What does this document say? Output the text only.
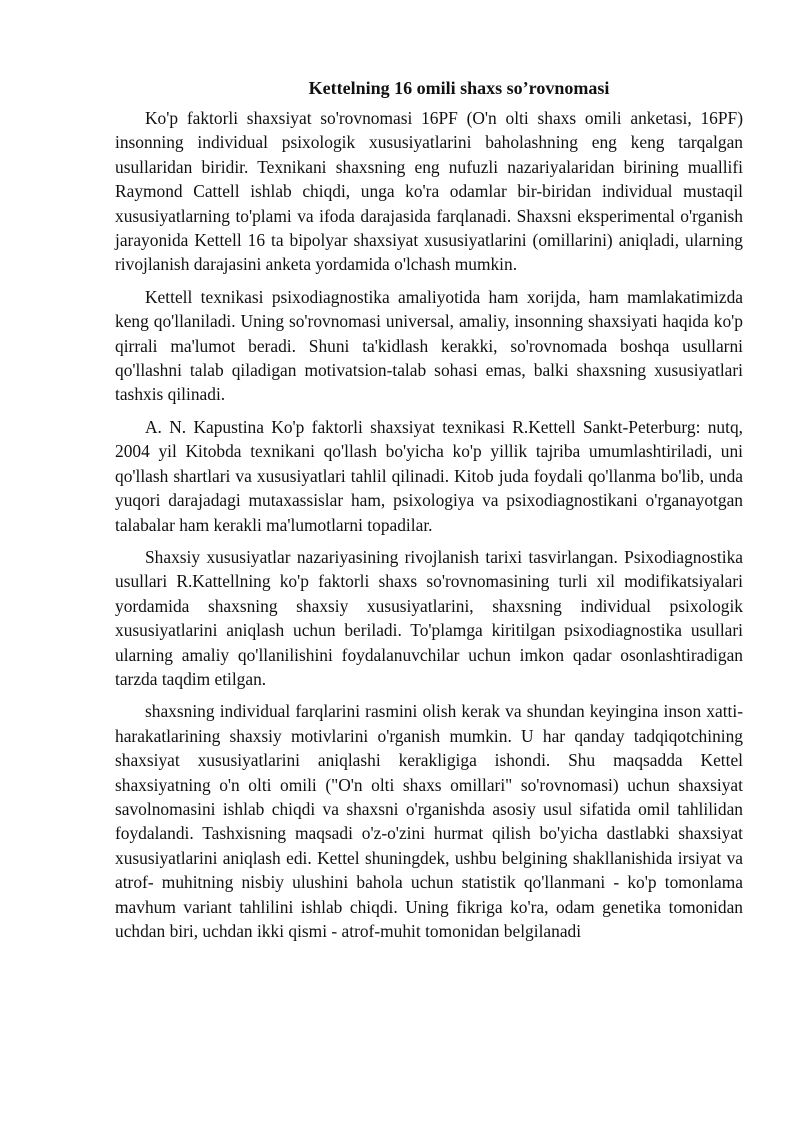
Kettelning 16 omili shaxs so’rovnomasi

Ko'p faktorli shaxsiyat so'rovnomasi 16PF (O'n olti shaxs omili anketasi, 16PF) insonning individual psixologik xususiyatlarini baholashning eng keng tarqalgan usullaridan biridir. Texnikani shaxsning eng nufuzli nazariyalaridan birining muallifi Raymond Cattell ishlab chiqdi, unga ko'ra odamlar bir-biridan individual mustaqil xususiyatlarning to'plami va ifoda darajasida farqlanadi. Shaxsni eksperimental o'rganish jarayonida Kettell 16 ta bipolyar shaxsiyat xususiyatlarini (omillarini) aniqladi, ularning rivojlanish darajasini anketa yordamida o'lchash mumkin.

Kettell texnikasi psixodiagnostika amaliyotida ham xorijda, ham mamlakatimizda keng qo'llaniladi. Uning so'rovnomasi universal, amaliy, insonning shaxsiyati haqida ko'p qirrali ma'lumot beradi. Shuni ta'kidlash kerakki, so'rovnomada boshqa usullarni qo'llashni talab qiladigan motivatsion-talab sohasi emas, balki shaxsning xususiyatlari tashxis qilinadi.

A. N. Kapustina Ko'p faktorli shaxsiyat texnikasi R.Kettell Sankt-Peterburg: nutq, 2004 yil Kitobda texnikani qo'llash bo'yicha ko'p yillik tajriba umumlashtiriladi, uni qo'llash shartlari va xususiyatlari tahlil qilinadi. Kitob juda foydali qo'llanma bo'lib, unda yuqori darajadagi mutaxassislar ham, psixologiya va psixodiagnostikani o'rganayotgan talabalar ham kerakli ma'lumotlarni topadilar.

Shaxsiy xususiyatlar nazariyasining rivojlanish tarixi tasvirlangan. Psixodiagnostika usullari R.Kattellning ko'p faktorli shaxs so'rovnomasining turli xil modifikatsiyalari yordamida shaxsning shaxsiy xususiyatlarini, shaxsning individual psixologik xususiyatlarini aniqlash uchun beriladi. To'plamga kiritilgan psixodiagnostika usullari ularning amaliy qo'llanilishini foydalanuvchilar uchun imkon qadar osonlashtiradigan tarzda taqdim etilgan.

shaxsning individual farqlarini rasmini olish kerak va shundan keyingina inson xatti- harakatlarining shaxsiy motivlarini o'rganish mumkin. U har qanday tadqiqotchining shaxsiyat xususiyatlarini aniqlashi kerakligiga ishondi. Shu maqsadda Kettel shaxsiyatning o'n olti omili ("O'n olti shaxs omillari" so'rovnomasi) uchun shaxsiyat savolnomasini ishlab chiqdi va shaxsni o'rganishda asosiy usul sifatida omil tahlilidan foydalandi. Tashxisning maqsadi o'z-o'zini hurmat qilish bo'yicha dastlabki shaxsiyat xususiyatlarini aniqlash edi. Kettel shuningdek, ushbu belgining shakllanishida irsiyat va atrof- muhitning nisbiy ulushini bahola uchun statistik qo'llanmani - ko'p tomonlama mavhum variant tahlilini ishlab chiqdi. Uning fikriga ko'ra, odam genetika tomonidan uchdan biri, uchdan ikki qismi - atrof-muhit tomonidan belgilanadi
